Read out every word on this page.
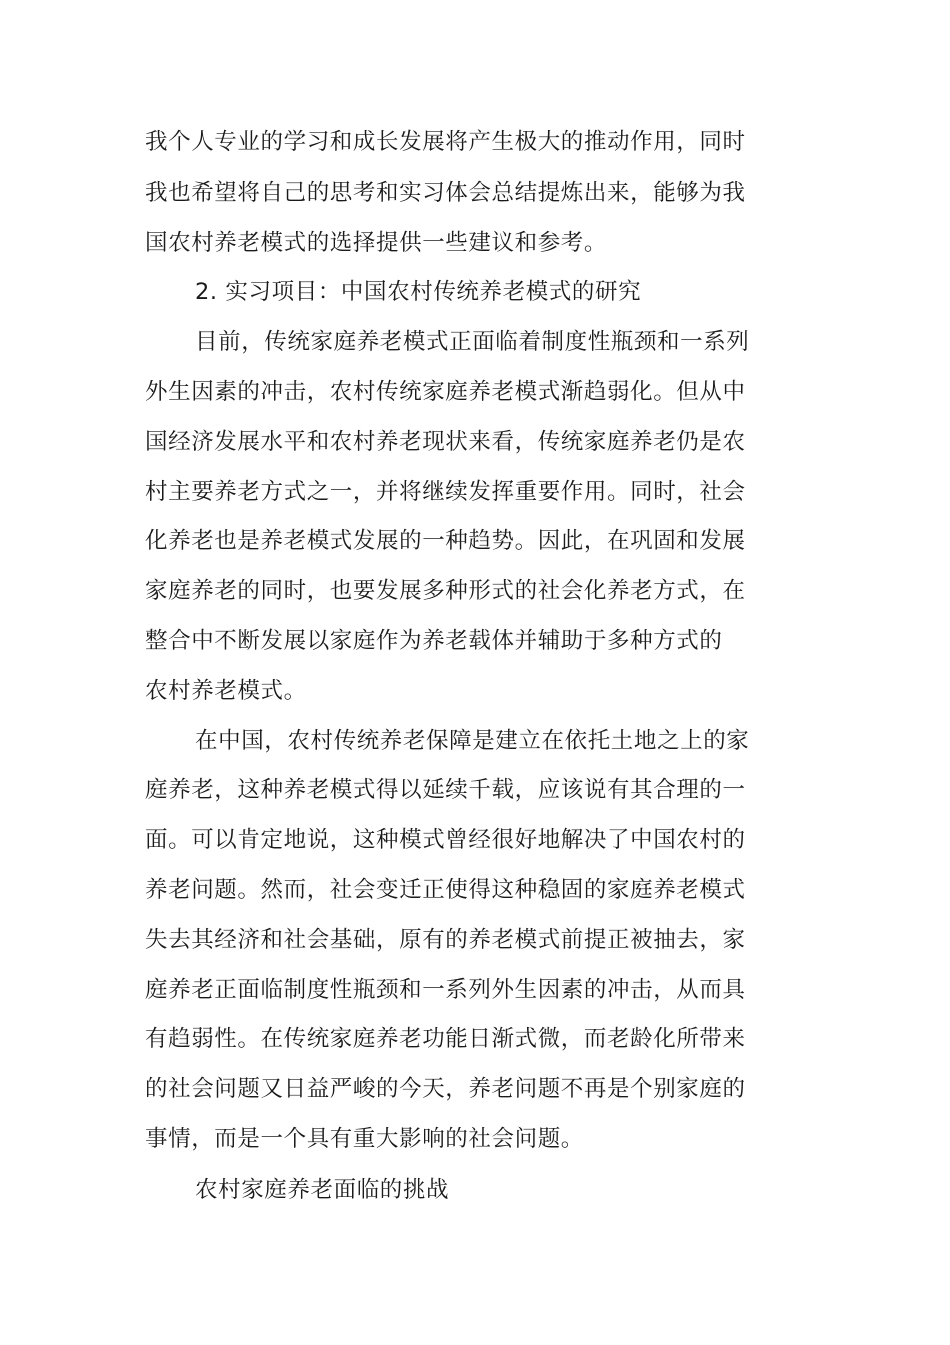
我个人专业的学习和成长发展将产生极大的推动作用，同时
我也希望将自己的思考和实习体会总结提炼出来，能够为我
国农村养老模式的选择提供一些建议和参考。
2. 实习项目：中国农村传统养老模式的研究
目前，传统家庭养老模式正面临着制度性瓶颈和一系列
外生因素的冲击，农村传统家庭养老模式渐趋弱化。但从中
国经济发展水平和农村养老现状来看，传统家庭养老仍是农
村主要养老方式之一，并将继续发挥重要作用。同时，社会
化养老也是养老模式发展的一种趋势。因此，在巩固和发展
家庭养老的同时，也要发展多种形式的社会化养老方式，在
整合中不断发展以家庭作为养老载体并辅助于多种方式的
农村养老模式。
在中国，农村传统养老保障是建立在依托土地之上的家
庭养老，这种养老模式得以延续千载，应该说有其合理的一
面。可以肯定地说，这种模式曾经很好地解决了中国农村的
养老问题。然而，社会变迁正使得这种稳固的家庭养老模式
失去其经济和社会基础，原有的养老模式前提正被抽去，家
庭养老正面临制度性瓶颈和一系列外生因素的冲击，从而具
有趋弱性。在传统家庭养老功能日渐式微，而老龄化所带来
的社会问题又日益严峻的今天，养老问题不再是个别家庭的
事情，而是一个具有重大影响的社会问题。
农村家庭养老面临的挑战
